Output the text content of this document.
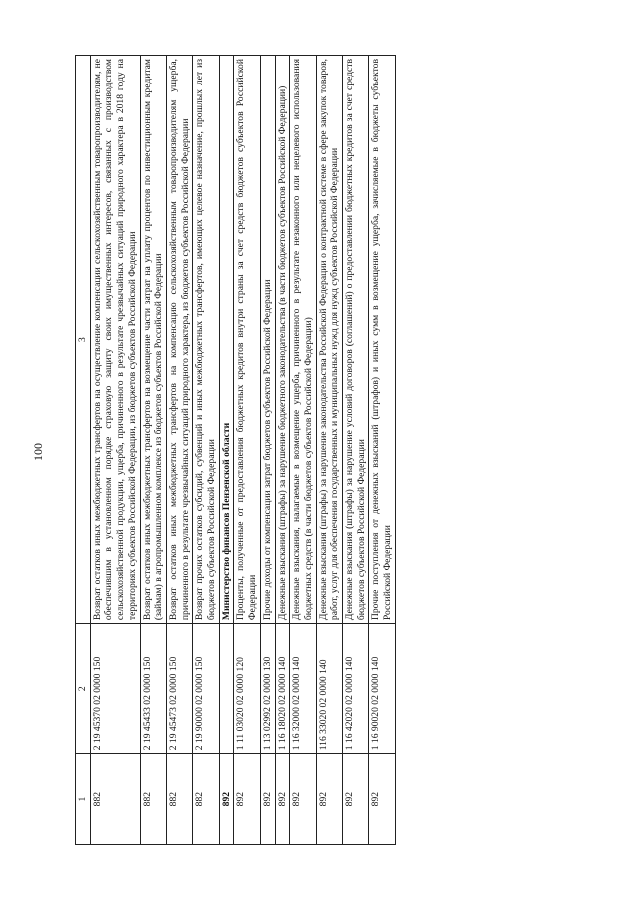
100
1	2	3
882	2 19 45370 02 0000 150	Возврат остатков иных межбюджетных трансфертов на осуществление компенсации сельскохозяйственным товаропроизводителям, не обеспечившим в установленном порядке страховую защиту своих имущественных интересов, связанных с производством сельскохозяйственной продукции, ущерба, причиненного в результате чрезвычайных ситуаций природного характера в 2018 году на территориях субъектов Российской Федерации, из бюджетов субъектов Российской Федерации
882	2 19 45433 02 0000 150	Возврат остатков иных межбюджетных трансфертов на возмещение части затрат на уплату процентов по инвестиционным кредитам (займам) в агропромышленном комплексе из бюджетов субъектов Российской Федерации
882	2 19 45473 02 0000 150	Возврат остатков иных межбюджетных трансфертов на компенсацию сельскохозяйственным товаропроизводителям ущерба, причиненного в результате чрезвычайных ситуаций природного характера, из бюджетов субъектов Российской Федерации
882	2 19 90000 02 0000 150	Возврат прочих остатков субсидий, субвенций и иных межбюджетных трансфертов, имеющих целевое назначение, прошлых лет из бюджетов субъектов Российской Федерации
892		Министерство финансов Пензенской области
892	1 11 03020 02 0000 120	Проценты, полученные от предоставления бюджетных кредитов внутри страны за счет средств бюджетов субъектов Российской Федерации
892	1 13 02992 02 0000 130	Прочие доходы от компенсации затрат бюджетов субъектов Российской Федерации
892	1 16 18020 02 0000 140	Денежные взыскания (штрафы) за нарушение бюджетного законодательства (в части бюджетов субъектов Российской Федерации)
892	1 16 32000 02 0000 140	Денежные взыскания, налагаемые в возмещение ущерба, причиненного в результате незаконного или нецелевого использования бюджетных средств (в части бюджетов субъектов Российской Федерации)
892	116 33020 02 0000 140	Денежные взыскания (штрафы) за нарушение законодательства Российской Федерации о контрактной системе в сфере закупок товаров, работ, услуг для обеспечения государственных и муниципальных нужд для нужд субъектов Российской Федерации
892	1 16 42020 02 0000 140	Денежные взыскания (штрафы) за нарушение условий договоров (соглашений) о предоставлении бюджетных кредитов за счет средств бюджетов субъектов Российской Федерации
892	1 16 90020 02 0000 140	Прочие поступления от денежных взысканий (штрафов) и иных сумм в возмещение ущерба, зачисляемые в бюджеты субъектов Российской Федерации
